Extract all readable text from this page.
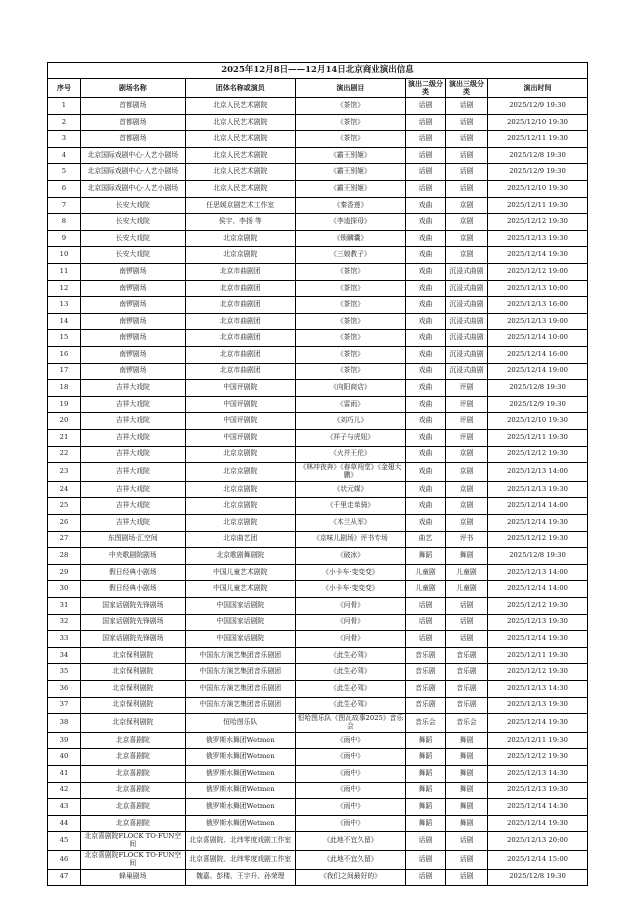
2025年12月8日——12月14日北京商业演出信息						
序号	剧场名称	团体名称或演员	演出剧目	演出二级分类	演出三级分类	演出时间
1	首都剧场	北京人民艺术剧院	《茶馆》	话剧	话剧	2025/12/9 19:30
2	首都剧场	北京人民艺术剧院	《茶馆》	话剧	话剧	2025/12/10 19:30
3	首都剧场	北京人民艺术剧院	《茶馆》	话剧	话剧	2025/12/11 19:30
4	北京国际戏剧中心·人艺小剧场	北京人民艺术剧院	《霸王别姬》	话剧	话剧	2025/12/8 19:30
5	北京国际戏剧中心·人艺小剧场	北京人民艺术剧院	《霸王别姬》	话剧	话剧	2025/12/9 19:30
6	北京国际戏剧中心·人艺小剧场	北京人民艺术剧院	《霸王别姬》	话剧	话剧	2025/12/10 19:30
7	长安大戏院	任思媛京剧艺术工作室	《秦香莲》	戏曲	京剧	2025/12/11 19:30
8	长安大戏院	侯宇、李扬 等	《李逵探母》	戏曲	京剧	2025/12/12 19:30
9	长安大戏院	北京京剧院	《锁麟囊》	戏曲	京剧	2025/12/13 19:30
10	长安大戏院	北京京剧院	《三娘教子》	戏曲	京剧	2025/12/14 19:30
11	南锣剧场	北京市曲剧团	《茶馆》	戏曲	沉浸式曲剧	2025/12/12 19:00
12	南锣剧场	北京市曲剧团	《茶馆》	戏曲	沉浸式曲剧	2025/12/13 10:00
13	南锣剧场	北京市曲剧团	《茶馆》	戏曲	沉浸式曲剧	2025/12/13 16:00
14	南锣剧场	北京市曲剧团	《茶馆》	戏曲	沉浸式曲剧	2025/12/13 19:00
15	南锣剧场	北京市曲剧团	《茶馆》	戏曲	沉浸式曲剧	2025/12/14 10:00
16	南锣剧场	北京市曲剧团	《茶馆》	戏曲	沉浸式曲剧	2025/12/14 16:00
17	南锣剧场	北京市曲剧团	《茶馆》	戏曲	沉浸式曲剧	2025/12/14 19:00
18	吉祥大戏院	中国评剧院	《向阳商店》	戏曲	评剧	2025/12/8 19:30
19	吉祥大戏院	中国评剧院	《雷雨》	戏曲	评剧	2025/12/9 19:30
20	吉祥大戏院	中国评剧院	《刘巧儿》	戏曲	评剧	2025/12/10 19:30
21	吉祥大戏院	中国评剧院	《祥子与虎妞》	戏曲	评剧	2025/12/11 19:30
22	吉祥大戏院	北京京剧院	《火并王伦》	戏曲	京剧	2025/12/12 19:30
23	吉祥大戏院	北京京剧院	《林冲夜奔》《春草闯堂》《金翅大鹏》	戏曲	京剧	2025/12/13 14:00
24	吉祥大戏院	北京京剧院	《状元媒》	戏曲	京剧	2025/12/13 19:30
25	吉祥大戏院	北京京剧院	《千里走单骑》	戏曲	京剧	2025/12/14 14:00
26	吉祥大戏院	北京京剧院	《木兰从军》	戏曲	京剧	2025/12/14 19:30
27	东图剧场·汇空间	北京曲艺团	《京味儿剧场》评书专场	曲艺	评书	2025/12/12 19:30
28	中央歌剧院剧场	北京歌剧舞剧院	《破冰》	舞蹈	舞剧	2025/12/8 19:30
29	假日经典小剧场	中国儿童艺术剧院	《小卡车·变变变》	儿童剧	儿童剧	2025/12/13 14:00
30	假日经典小剧场	中国儿童艺术剧院	《小卡车·变变变》	儿童剧	儿童剧	2025/12/14 14:00
31	国家话剧院先锋剧场	中国国家话剧院	《问骨》	话剧	话剧	2025/12/12 19:30
32	国家话剧院先锋剧场	中国国家话剧院	《问骨》	话剧	话剧	2025/12/13 19:30
33	国家话剧院先锋剧场	中国国家话剧院	《问骨》	话剧	话剧	2025/12/14 19:30
34	北京保利剧院	中国东方演艺集团音乐剧团	《此生必驾》	音乐剧	音乐剧	2025/12/11 19:30
35	北京保利剧院	中国东方演艺集团音乐剧团	《此生必驾》	音乐剧	音乐剧	2025/12/12 19:30
36	北京保利剧院	中国东方演艺集团音乐剧团	《此生必驾》	音乐剧	音乐剧	2025/12/13 14:30
37	北京保利剧院	中国东方演艺集团音乐剧团	《此生必驾》	音乐剧	音乐剧	2025/12/13 19:30
38	北京保利剧院	恒哈图乐队	恒哈图乐队《图瓦故事2025》音乐会	音乐会	音乐会	2025/12/14 19:30
39	北京喜剧院	俄罗斯水舞团Wetmen	《雨中》	舞蹈	舞剧	2025/12/11 19:30
40	北京喜剧院	俄罗斯水舞团Wetmen	《雨中》	舞蹈	舞剧	2025/12/12 19:30
41	北京喜剧院	俄罗斯水舞团Wetmen	《雨中》	舞蹈	舞剧	2025/12/13 14:30
42	北京喜剧院	俄罗斯水舞团Wetmen	《雨中》	舞蹈	舞剧	2025/12/13 19:30
43	北京喜剧院	俄罗斯水舞团Wetmen	《雨中》	舞蹈	舞剧	2025/12/14 14:30
44	北京喜剧院	俄罗斯水舞团Wetmen	《雨中》	舞蹈	舞剧	2025/12/14 19:30
45	北京喜剧院FLOCK TO·FUN空间	北京喜剧院、北纬零度戏剧工作室	《此地不宜久留》	话剧	话剧	2025/12/13 20:00
46	北京喜剧院FLOCK TO·FUN空间	北京喜剧院、北纬零度戏剧工作室	《此地不宜久留》	话剧	话剧	2025/12/14 15:00
47	蜂巢剧场	魏嘉、彭楼、王宇升、孙荣理	《我们之间最好的》	话剧	话剧	2025/12/8 19:30
